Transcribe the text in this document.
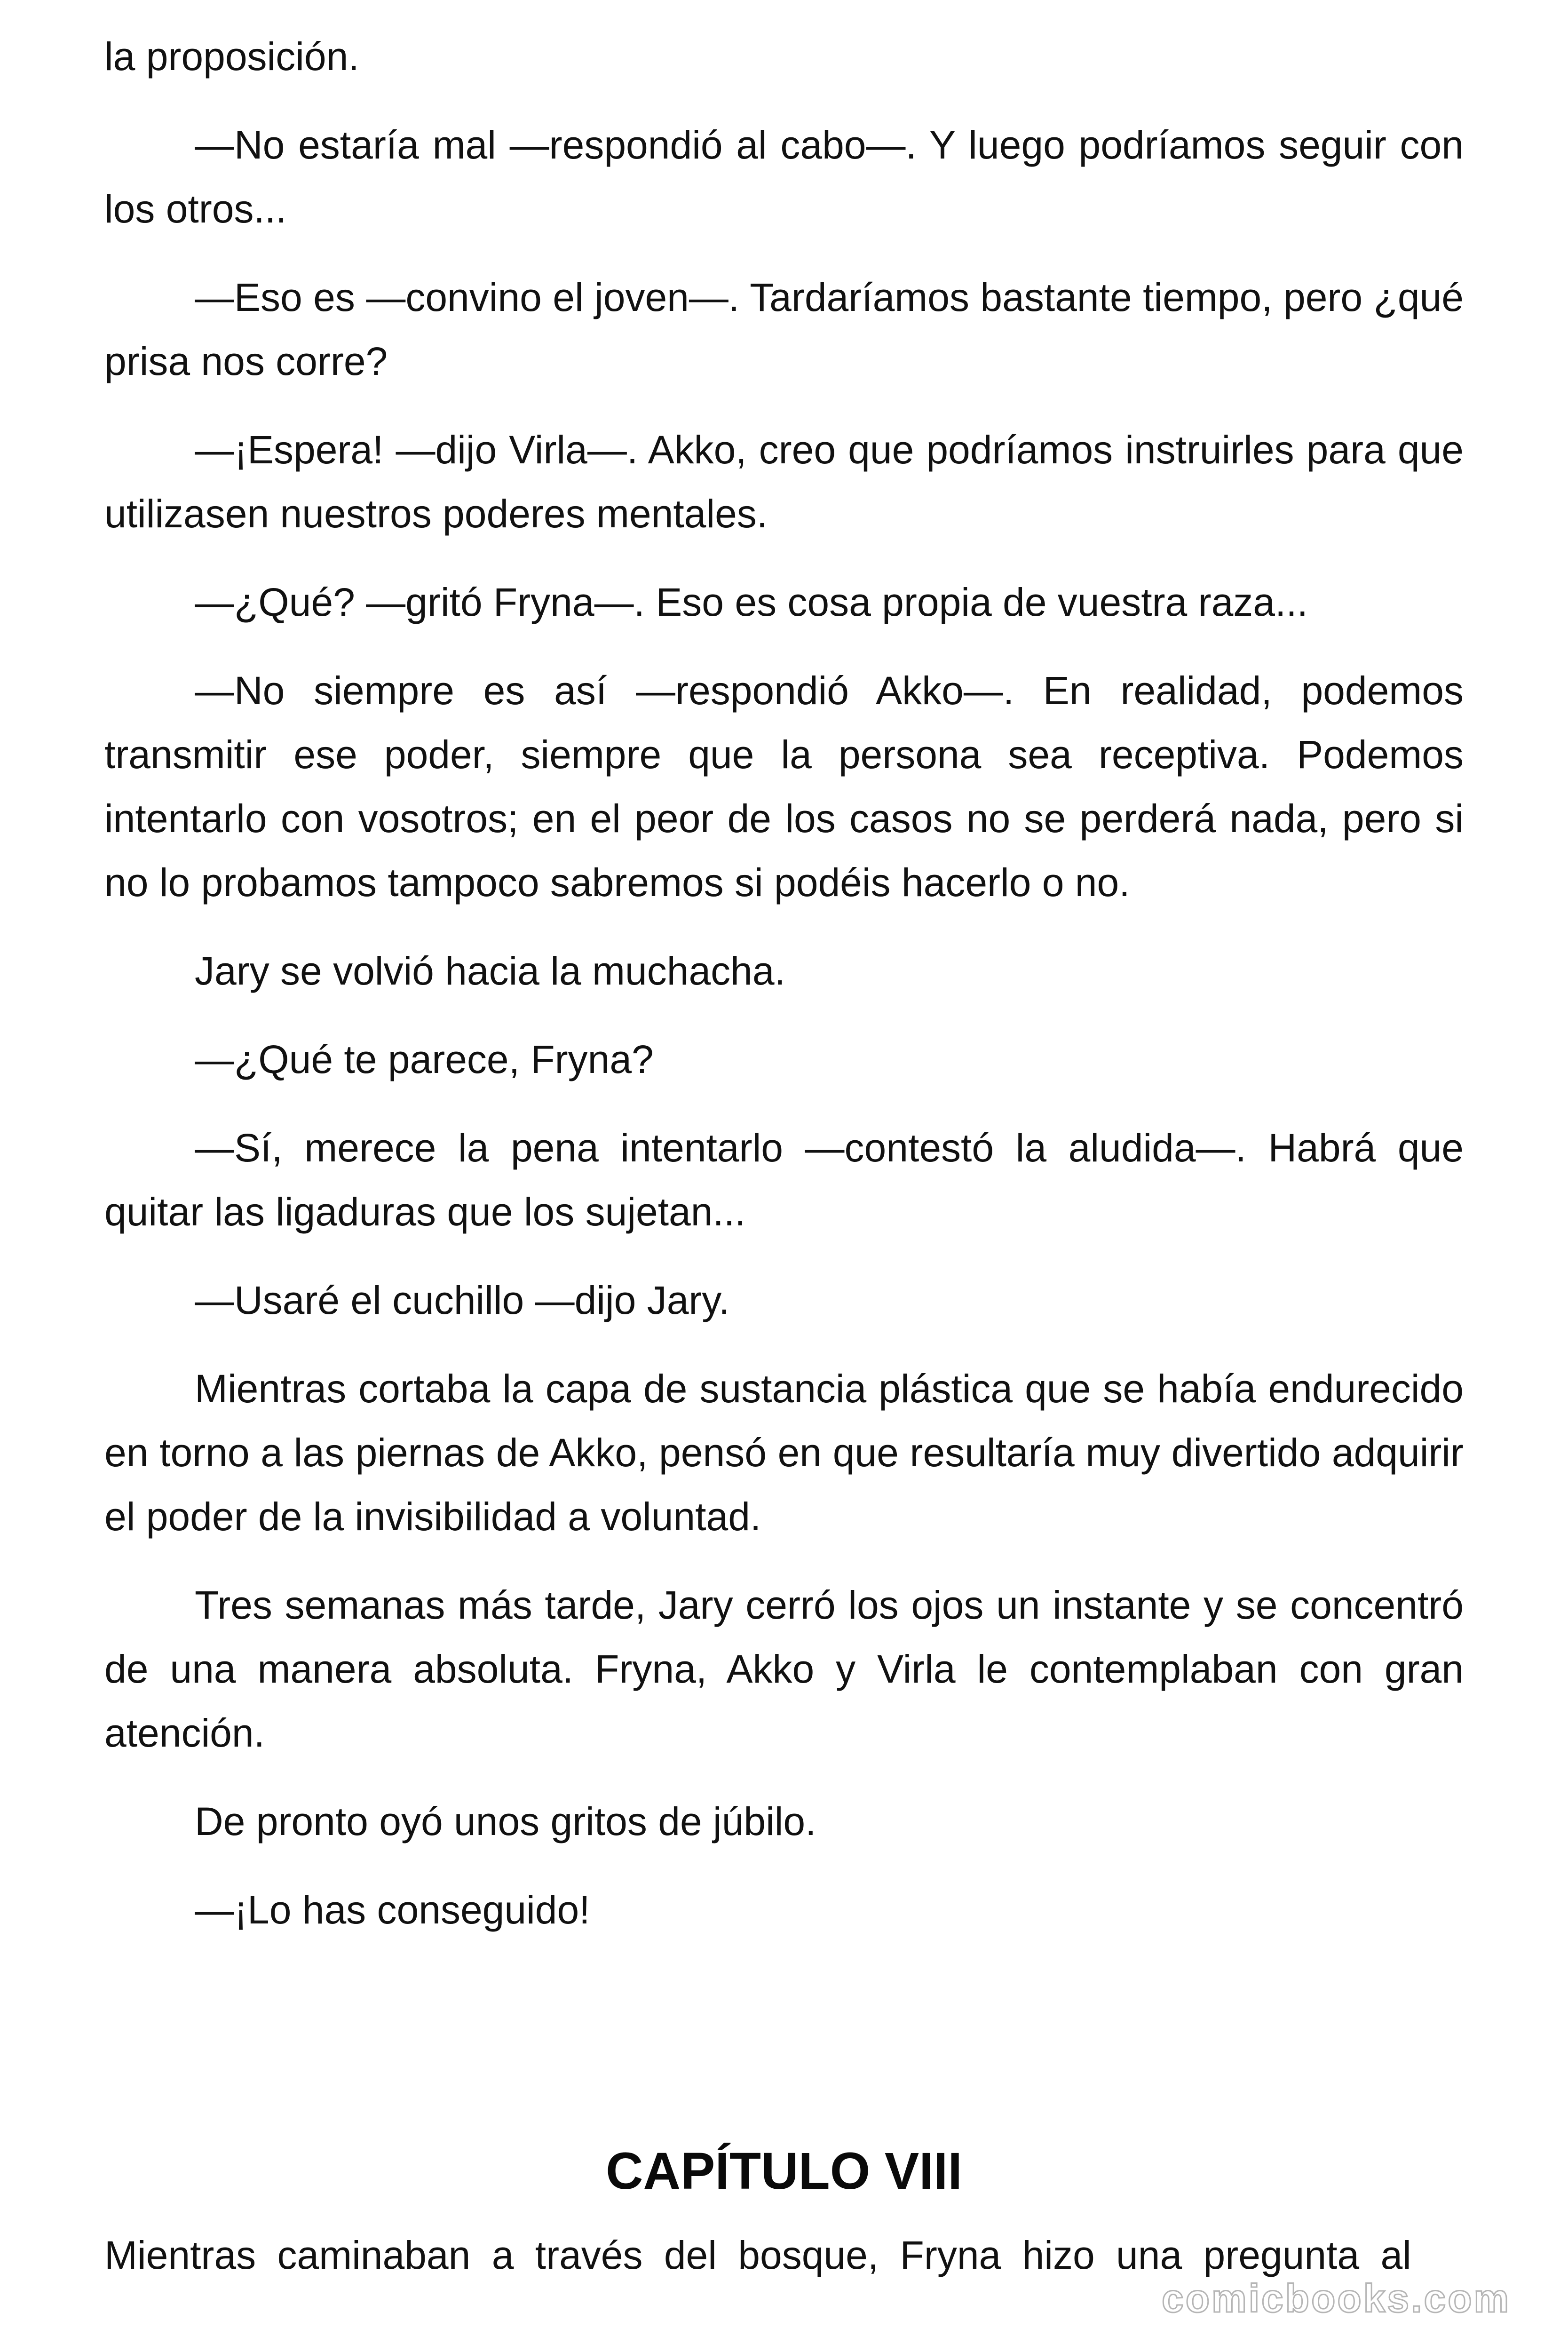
la proposición.

—No estaría mal —respondió al cabo—. Y luego podríamos seguir con los otros...

—Eso es —convino el joven—. Tardaríamos bastante tiempo, pero ¿qué prisa nos corre?

—¡Espera! —dijo Virla—. Akko, creo que podríamos instruirles para que utilizasen nuestros poderes mentales.

—¿Qué? —gritó Fryna—. Eso es cosa propia de vuestra raza...

—No siempre es así —respondió Akko—. En realidad, podemos transmitir ese poder, siempre que la persona sea receptiva. Podemos intentarlo con vosotros; en el peor de los casos no se perderá nada, pero si no lo probamos tampoco sabremos si podéis hacerlo o no.

Jary se volvió hacia la muchacha.

—¿Qué te parece, Fryna?

—Sí, merece la pena intentarlo —contestó la aludida—. Habrá que quitar las ligaduras que los sujetan...

—Usaré el cuchillo —dijo Jary.

Mientras cortaba la capa de sustancia plástica que se había endurecido en torno a las piernas de Akko, pensó en que resultaría muy divertido adquirir el poder de la invisibilidad a voluntad.

Tres semanas más tarde, Jary cerró los ojos un instante y se concentró de una manera absoluta. Fryna, Akko y Virla le contemplaban con gran atención.

De pronto oyó unos gritos de júbilo.

—¡Lo has conseguido!

CAPÍTULO VIII

Mientras caminaban a través del bosque, Fryna hizo una pregunta al

comicbooks.com
